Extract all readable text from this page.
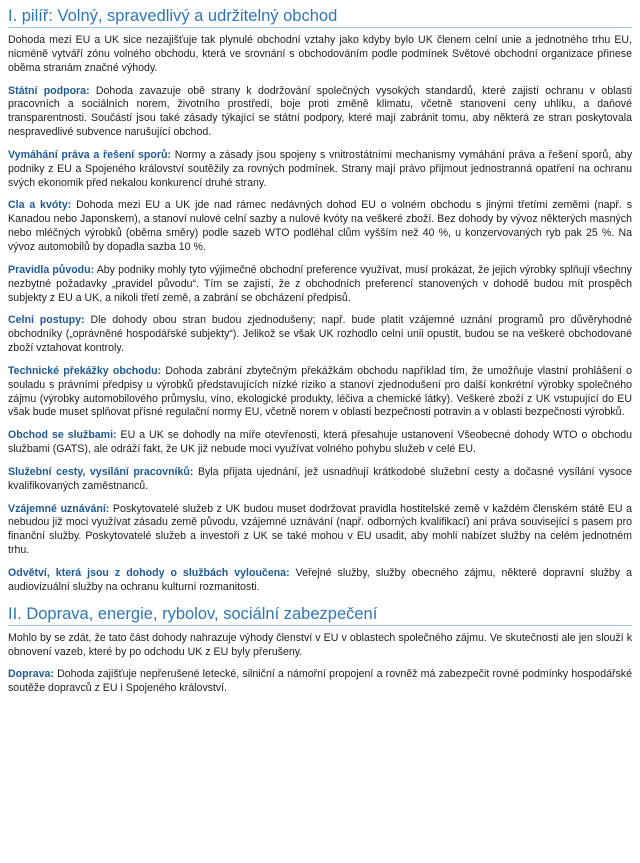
I. pilíř: Volný, spravedlivý a udržitelný obchod

Dohoda mezi EU a UK sice nezajišťuje tak plynulé obchodní vztahy jako kdyby bylo UK členem celní unie a jednotného trhu EU, nicméně vytváří zónu volného obchodu, která ve srovnání s obchodováním podle podmínek Světové obchodní organizace přinese oběma stranám značné výhody.

Státní podpora: Dohoda zavazuje obě strany k dodržování společných vysokých standardů, které zajistí ochranu v oblasti pracovních a sociálních norem, životního prostředí, boje proti změně klimatu, včetně stanovení ceny uhlíku, a daňové transparentnosti. Součástí jsou také zásady týkající se státní podpory, které mají zabránit tomu, aby některá ze stran poskytovala nespravedlivé subvence narušující obchod.

Vymáhání práva a řešení sporů: Normy a zásady jsou spojeny s vnitrostátními mechanismy vymáhání práva a řešení sporů, aby podniky z EU a Spojeného království soutěžily za rovných podmínek. Strany mají právo přijmout jednostranná opatření na ochranu svých ekonomik před nekalou konkurencí druhé strany.

Cla a kvóty: Dohoda mezi EU a UK jde nad rámec nedávných dohod EU o volném obchodu s jinými třetími zeměmi (např. s Kanadou nebo Japonskem), a stanoví nulové celní sazby a nulové kvóty na veškeré zboží. Bez dohody by vývoz některých masných nebo mléčných výrobků (oběma směry) podle sazeb WTO podléhal clům vyšším než 40 %, u konzervovaných ryb pak 25 %. Na vývoz automobilů by dopadla sazba 10 %.

Pravidla původu: Aby podniky mohly tyto výjimečné obchodní preference využívat, musí prokázat, že jejich výrobky splňují všechny nezbytné požadavky „pravidel původu“. Tím se zajistí, že z obchodních preferencí stanovených v dohodě budou mít prospěch subjekty z EU a UK, a nikoli třetí země, a zabrání se obcházení předpisů.

Celní postupy: Dle dohody obou stran budou zjednodušeny; např. bude platit vzájemné uznání programů pro důvěryhodné obchodníky („oprávněné hospodářské subjekty“). Jelikož se však UK rozhodlo celní unii opustit, budou se na veškeré obchodované zboží vztahovat kontroly.

Technické překážky obchodu: Dohoda zabrání zbytečným překážkám obchodu například tím, že umožňuje vlastní prohlášení o souladu s právními předpisy u výrobků představujících nízké riziko a stanoví zjednodušení pro další konkrétní výrobky společného zájmu (výrobky automobilového průmyslu, víno, ekologické produkty, léčiva a chemické látky). Veškeré zboží z UK vstupující do EU však bude muset splňovat přísné regulační normy EU, včetně norem v oblasti bezpečnosti potravin a v oblasti bezpečnosti výrobků.

Obchod se službami: EU a UK se dohodly na míře otevřenosti, která přesahuje ustanovení Všeobecné dohody WTO o obchodu službami (GATS), ale odráží fakt, že UK již nebude moci využívat volného pohybu služeb v celé EU.

Služební cesty, vysílání pracovníků: Byla přijata ujednání, jež usnadňují krátkodobé služební cesty a dočasné vysílání vysoce kvalifikovaných zaměstnanců.

Vzájemné uznávání: Poskytovatelé služeb z UK budou muset dodržovat pravidla hostitelské země v každém členském státě EU a nebudou již moci využívat zásadu země původu, vzájemné uznávání (např. odborných kvalifikací) ani práva související s pasem pro finanční služby. Poskytovatelé služeb a investoři z UK se také mohou v EU usadit, aby mohli nabízet služby na celém jednotném trhu.

Odvětví, která jsou z dohody o službách vyloučena: Veřejné služby, služby obecného zájmu, některé dopravní služby a audiovizuální služby na ochranu kulturní rozmanitosti.

II. Doprava, energie, rybolov, sociální zabezpečení

Mohlo by se zdát, že tato část dohody nahrazuje výhody členství v EU v oblastech společného zájmu. Ve skutečnosti ale jen slouží k obnovení vazeb, které by po odchodu UK z EU byly přerušeny.

Doprava: Dohoda zajišťuje nepřerušené letecké, silniční a námořní propojení a rovněž má zabezpečit rovné podmínky hospodářské soutěže dopravců z EU i Spojeného království.
